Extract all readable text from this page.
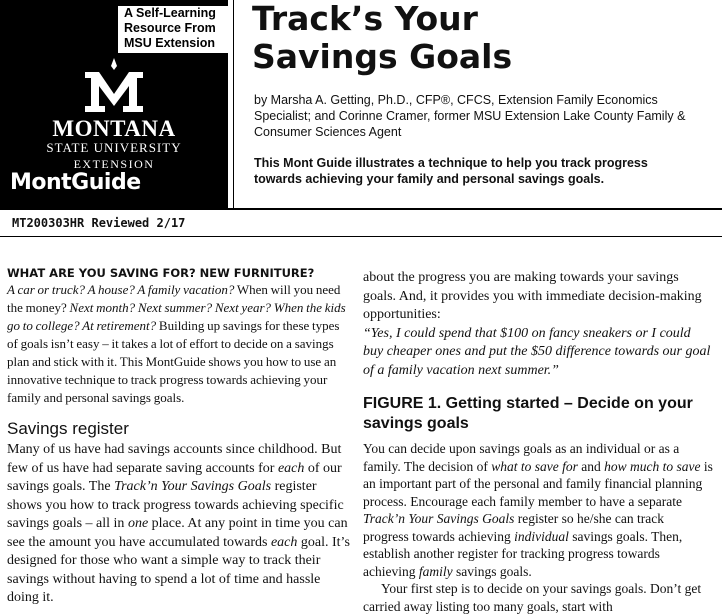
MONTANA
STATE UNIVERSITY
EXTENSION
MontGuide
A Self-Learning
Resource From
MSU Extension
Track’s Your
Savings Goals

by Marsha A. Getting, Ph.D., CFP®, CFCS, Extension Family Economics Specialist; and Corinne Cramer, former MSU Extension Lake County Family & Consumer Sciences Agent

This Mont Guide illustrates a technique to help you track progress towards achieving your family and personal savings goals.

MT200303HR Reviewed 2/17

WHAT ARE YOU SAVING FOR? NEW FURNITURE?

A car or truck? A house? A family vacation? When will you need the money? Next month? Next summer? Next year? When the kids go to college? At retirement? Building up savings for these types of goals isn’t easy – it takes a lot of effort to decide on a savings plan and stick with it. This MontGuide shows you how to use an innovative technique to track progress towards achieving your family and personal savings goals.

Savings register

Many of us have had savings accounts since childhood. But few of us have had separate saving accounts for each of our savings goals. The Track’n Your Savings Goals register shows you how to track progress towards achieving specific savings goals – all in one place. At any point in time you can see the amount you have accumulated towards each goal. It’s designed for those who want a simple way to track their savings without having to spend a lot of time and hassle doing it.

about the progress you are making towards your savings goals. And, it provides you with immediate decision-making opportunities:

“Yes, I could spend that $100 on fancy sneakers or I could buy cheaper ones and put the $50 difference towards our goal of a family vacation next summer.”

FIGURE 1. Getting started – Decide on your savings goals

You can decide upon savings goals as an individual or as a family. The decision of what to save for and how much to save is an important part of the personal and family financial planning process. Encourage each family member to have a separate Track’n Your Savings Goals register so he/she can track progress towards achieving individual savings goals. Then, establish another register for tracking progress towards achieving family savings goals.

Your first step is to decide on your savings goals. Don’t get carried away listing too many goals, start with
